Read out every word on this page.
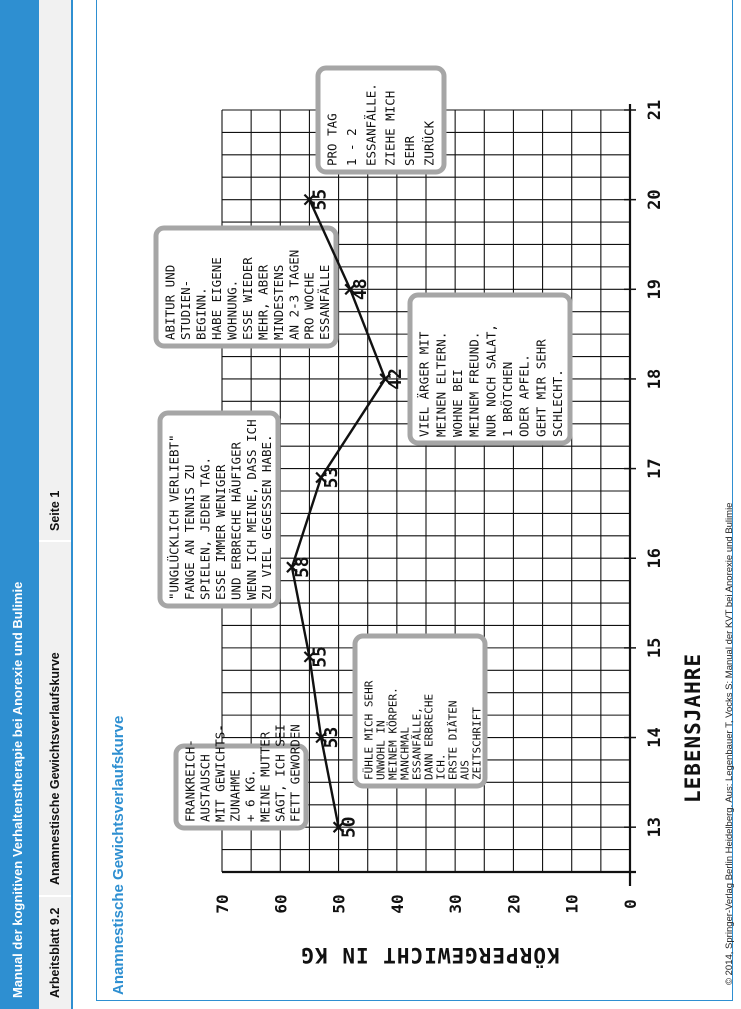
Manual der kognitiven Verhaltenstherapie bei Anorexie und Bulimie Arbeitsblatt 9.2
Anamnestische Gewichtsverlaufskurve
Seite 1
Anamnestische Gewichtsverlaufskurve	© 2014, Springer-Verlag Berlin Heidelberg. Aus: Legenbauer T, Vocks S: Manual der KVT bei Anorexie und Bulimie
0
10
20
30
40
50
60
70
13
14
15
16
17
18
19
20
21
LEBENSJAHRE
KÖRPERGEWICHT IN KG
FRANKREICH- AUSTAUSCH MIT GEWICHTS- ZUNAHME + 6 KG. MEINE MUTTER SAGT, ICH SEI FETT GEWORDEN	FÜHLE MICH SEHR UNWOHL IN MEINEM KÖRPER. MANCHMAL ESSANFÄLLE, DANN ERBRECHE ICH. ERSTE DIÄTEN AUS ZEITSCHRIFT
"UNGLÜCKLICH VERLIEBT" FANGE AN TENNIS ZU SPIELEN, JEDEN TAG. ESSE IMMER WENIGER UND ERBRECHE HÄUFIGER WENN ICH MEINE, DASS ICH ZU VIEL GEGESSEN HABE.
VIEL ÄRGER MIT MEINEN ELTERN. WOHNE BEI MEINEM FREUND. NUR NOCH SALAT, 1 BRÖTCHEN ODER APFEL. GEHT MIR SEHR SCHLECHT.
ABITUR UND STUDIEN- BEGINN. HABE EIGENE WOHNUNG. ESSE WIEDER MEHR, ABER MINDESTENS AN 2-3 TAGEN PRO WOCHE ESSANFÄLLE
PRO TAG 1 - 2 ESSANFÄLLE. ZIEHE MICH SEHR ZURÜCK
50
53
55
58
53
42
48
55
